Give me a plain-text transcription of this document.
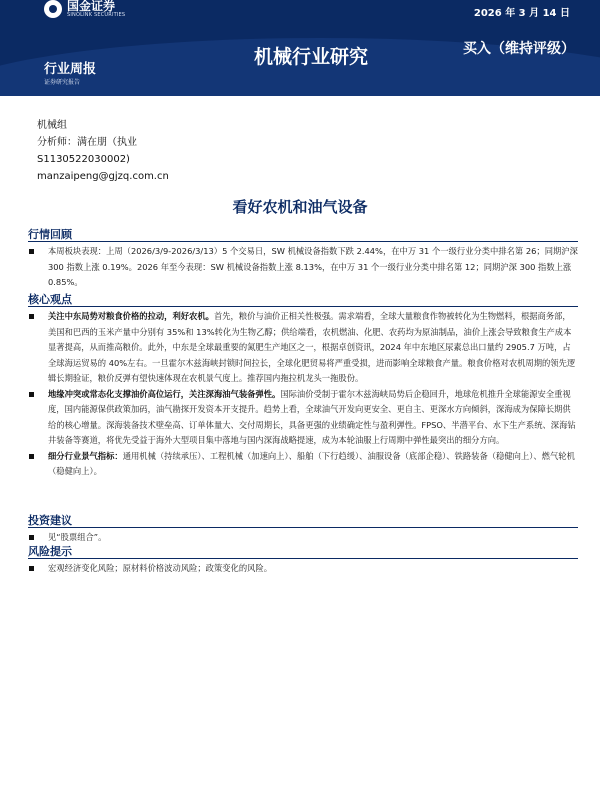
国金证券
SINOLINK SECURITIES	2026 年 3 月 14 日
机械行业研究	买入（维持评级）
行业周报
证券研究报告
机械组
分析师：满在朋（执业
S1130522030002)
manzaipeng@gjzq.com.cn
看好农机和油气设备
行情回顾
本周板块表现：上周（2026/3/9-2026/3/13）5 个交易日，SW 机械设备指数下跌 2.44%，在中万 31 个一级行业分类中排名第 26；同期沪深 300 指数上涨 0.19%。2026 年至今表现：SW 机械设备指数上涨 8.13%，在中万 31 个一级行业分类中排名第 12；同期沪深 300 指数上涨 0.85%。
核心观点
关注中东局势对粮食价格的拉动，利好农机。首先，粮价与油价正相关性极强。需求端看，全球大量粮食作物被转化为生物燃料，根据商务部，美国和巴西的玉米产量中分别有 35%和 13%转化为生物乙醇；供给端看，农机燃油、化肥、农药均为原油制品，油价上涨会导致粮食生产成本显著提高，从而推高粮价。此外，中东是全球最重要的氮肥生产地区之一，根据卓创资讯，2024 年中东地区尿素总出口量约 2905.7 万吨，占全球海运贸易的 40%左右。一旦霍尔木兹海峡封锁时间拉长，全球化肥贸易将严重受损，进而影响全球粮食产量。粮食价格对农机周期的领先逻辑长期验证，粮价反弹有望快速体现在农机景气度上。推荐国内拖拉机龙头一拖股份。
地缘冲突或常态化支撑油价高位运行，关注深海油气装备弹性。国际油价受制于霍尔木兹海峡局势后企稳回升，地球危机推升全球能源安全重视度，国内能源保供政策加码，油气勘探开发资本开支提升。趋势上看，全球油气开发向更安全、更自主、更深水方向倾斜，深海成为保障长期供给的核心增量。深海装备技术壁垒高、订单体量大、交付周期长，具备更强的业绩确定性与盈利弹性。FPSO、半潜平台、水下生产系统、深海钻井装备等赛道，将优先受益于海外大型项目集中落地与国内深海战略提速，成为本轮油服上行周期中弹性最突出的细分方向。
细分行业景气指标：通用机械（持续承压）、工程机械（加速向上）、船舶（下行趋缓）、油服设备（底部企稳）、铁路装备（稳健向上）、燃气轮机（稳健向上）。
投资建议
见“股票组合”。
风险提示
宏观经济变化风险；原材料价格波动风险；政策变化的风险。
